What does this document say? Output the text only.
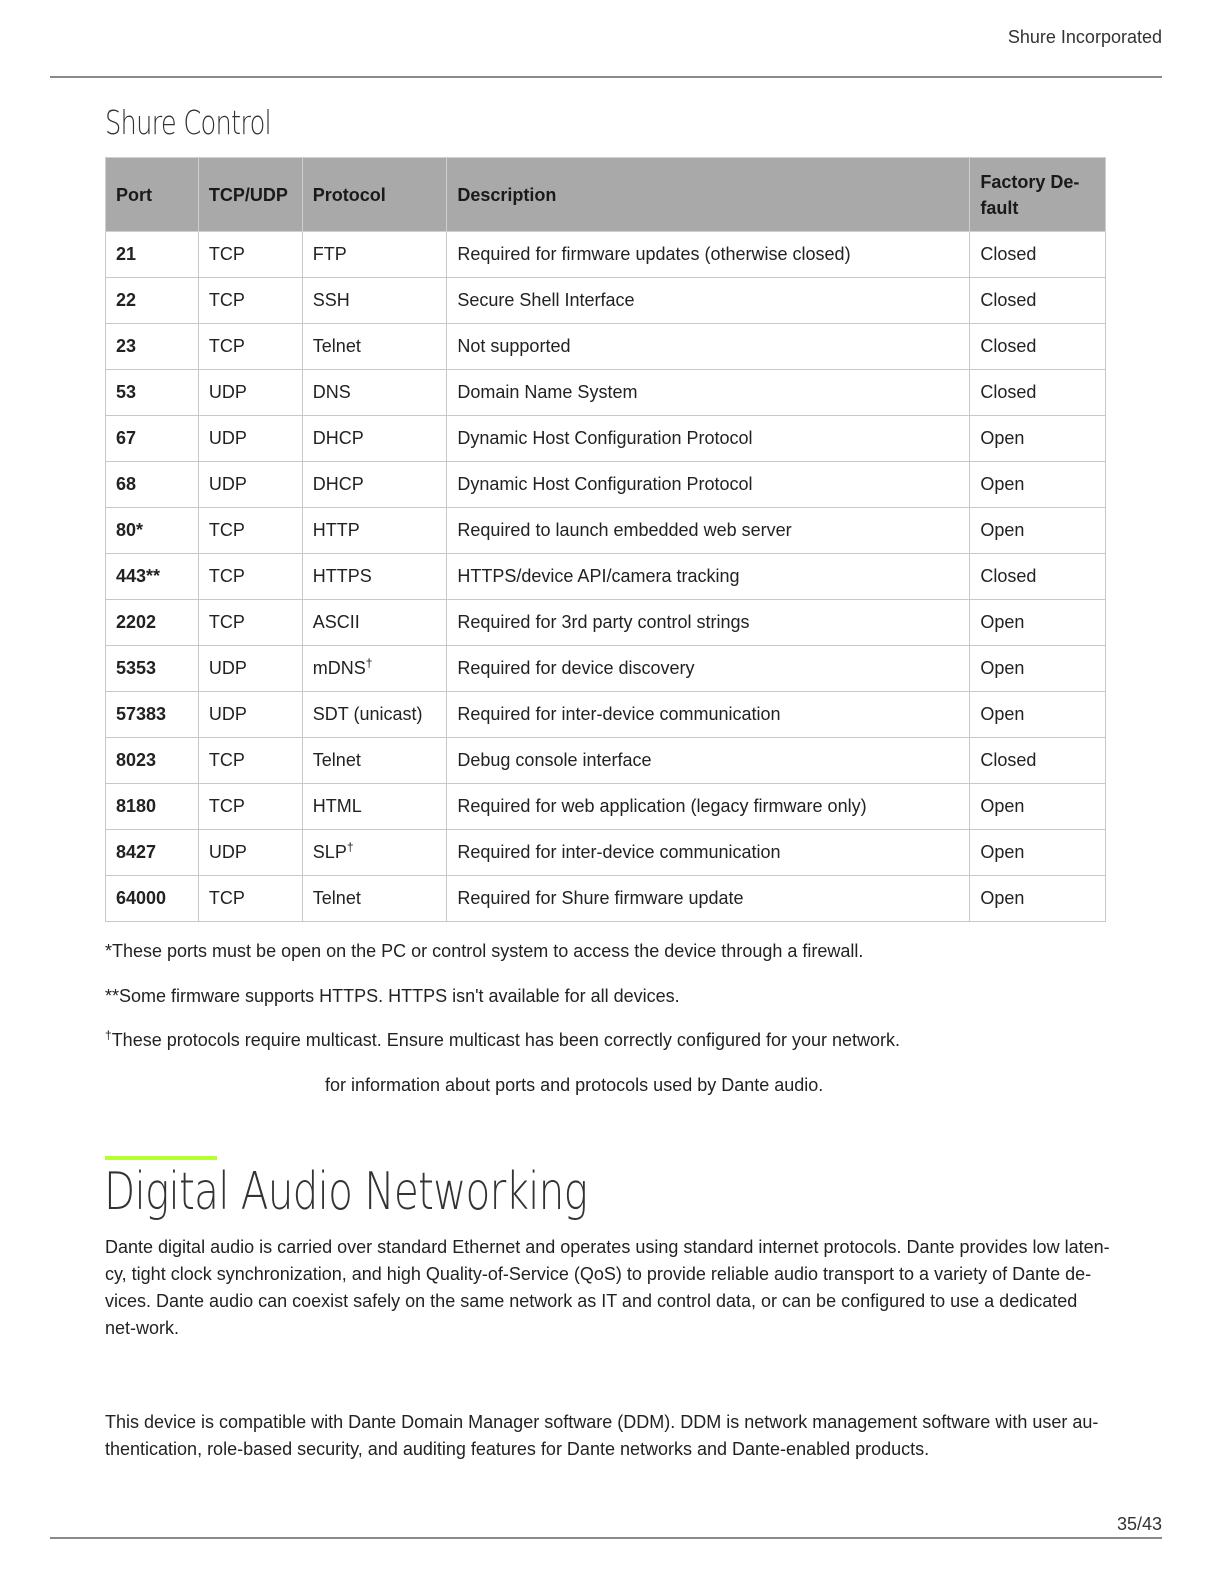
Shure Incorporated
Shure Control
Port	TCP/UDP	Protocol	Description	Factory De-
fault
21	TCP	FTP	Required for firmware updates (otherwise closed)	Closed
22	TCP	SSH	Secure Shell Interface	Closed
23	TCP	Telnet	Not supported	Closed
53	UDP	DNS	Domain Name System	Closed
67	UDP	DHCP	Dynamic Host Configuration Protocol	Open
68	UDP	DHCP	Dynamic Host Configuration Protocol	Open
80*	TCP	HTTP	Required to launch embedded web server	Open
443**	TCP	HTTPS	HTTPS/device API/camera tracking	Closed
2202	TCP	ASCII	Required for 3rd party control strings	Open
5353	UDP	mDNS†	Required for device discovery	Open
57383	UDP	SDT (unicast)	Required for inter-device communication	Open
8023	TCP	Telnet	Debug console interface	Closed
8180	TCP	HTML	Required for web application (legacy firmware only)	Open
8427	UDP	SLP†	Required for inter-device communication	Open
64000	TCP	Telnet	Required for Shure firmware update	Open
*These ports must be open on the PC or control system to access the device through a firewall.
**Some firmware supports HTTPS. HTTPS isn't available for all devices.
†These protocols require multicast. Ensure multicast has been correctly configured for your network.
for information about ports and protocols used by Dante audio.
Digital Audio Networking
Dante digital audio is carried over standard Ethernet and operates using standard internet protocols. Dante provides low laten-cy, tight clock synchronization, and high Quality-of-Service (QoS) to provide reliable audio transport to a variety of Dante de-vices. Dante audio can coexist safely on the same network as IT and control data, or can be configured to use a dedicated net-work.
This device is compatible with Dante Domain Manager software (DDM). DDM is network management software with user au-thentication, role-based security, and auditing features for Dante networks and Dante-enabled products.
35/43
